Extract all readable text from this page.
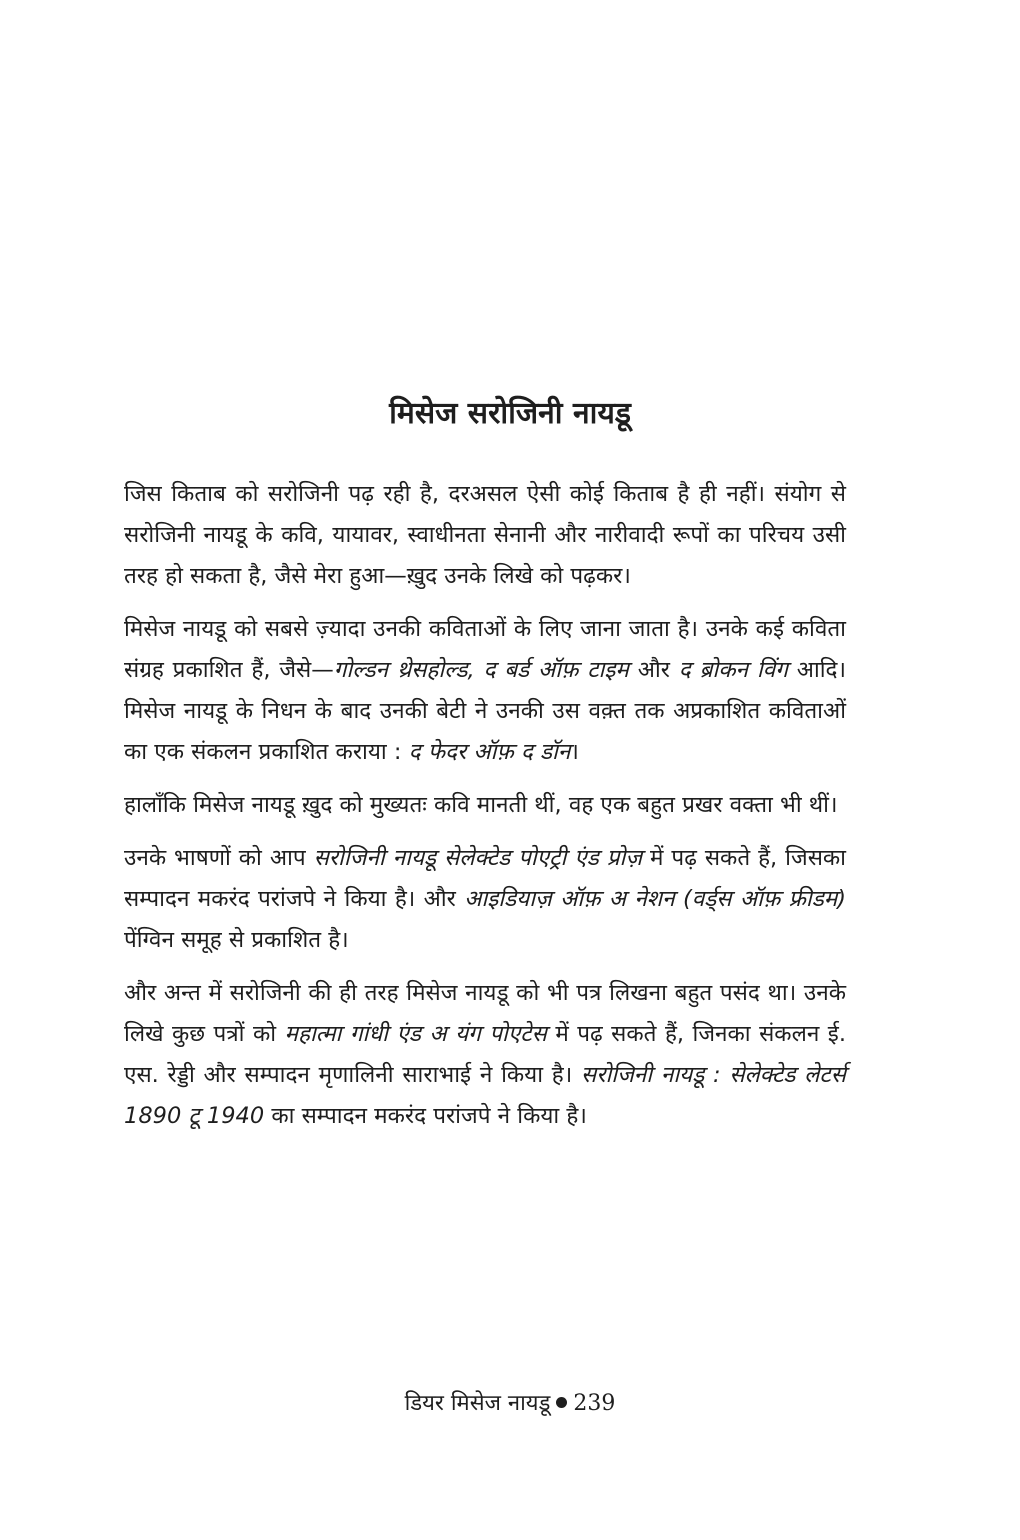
मिसेज सरोजिनी नायडू

जिस किताब को सरोजिनी पढ़ रही है, दरअसल ऐसी कोई किताब है ही नहीं। संयोग से सरोजिनी नायडू के कवि, यायावर, स्वाधीनता सेनानी और नारीवादी रूपों का परिचय उसी तरह हो सकता है, जैसे मेरा हुआ—ख़ुद उनके लिखे को पढ़कर।

मिसेज नायडू को सबसे ज़्यादा उनकी कविताओं के लिए जाना जाता है। उनके कई कविता संग्रह प्रकाशित हैं, जैसे—गोल्डन थ्रेसहोल्ड, द बर्ड ऑफ़ टाइम और द ब्रोकन विंग आदि। मिसेज नायडू के निधन के बाद उनकी बेटी ने उनकी उस वक़्त तक अप्रकाशित कविताओं का एक संकलन प्रकाशित कराया : द फेदर ऑफ़ द डॉन।

हालाँकि मिसेज नायडू ख़ुद को मुख्यतः कवि मानती थीं, वह एक बहुत प्रखर वक्ता भी थीं।

उनके भाषणों को आप सरोजिनी नायडू सेलेक्टेड पोएट्री एंड प्रोज़ में पढ़ सकते हैं, जिसका सम्पादन मकरंद परांजपे ने किया है। और आइडियाज़ ऑफ़ अ नेशन (वर्ड्स ऑफ़ फ्रीडम) पेंग्विन समूह से प्रकाशित है।

और अन्त में सरोजिनी की ही तरह मिसेज नायडू को भी पत्र लिखना बहुत पसंद था। उनके लिखे कुछ पत्रों को महात्मा गांधी एंड अ यंग पोएटेस में पढ़ सकते हैं, जिनका संकलन ई. एस. रेड्डी और सम्पादन मृणालिनी साराभाई ने किया है। सरोजिनी नायडू : सेलेक्टेड लेटर्स 1890 टू 1940 का सम्पादन मकरंद परांजपे ने किया है।

डियर मिसेज नायडू 239
